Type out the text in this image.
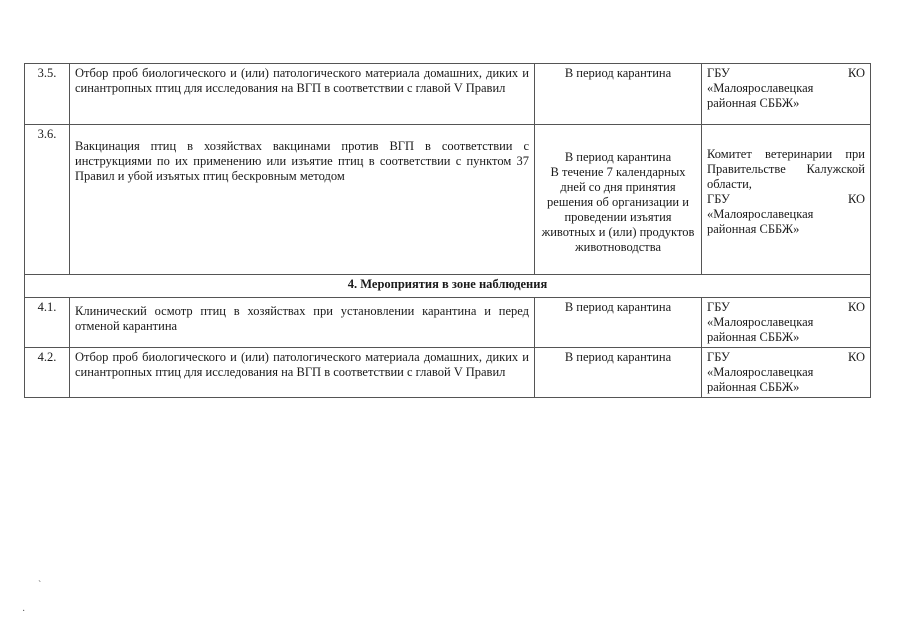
3.5.	Отбор проб биологического и (или) патологического материала домашних, диких и синантропных птиц для исследования на ВГП в соответствии с главой V Правил	В период карантина	ГБУ КО
«Малоярославецкая районная СББЖ»

3.6.	Вакцинация птиц в хозяйствах вакцинами против ВГП в соответствии с инструкциями по их применению или изъятие птиц в соответствии с пунктом 37 Правил и убой изъятых птиц бескровным методом	В период карантина
В течение 7 календарных дней со дня принятия решения об организации и проведении изъятия животных и (или) продуктов животноводства	Комитет ветеринарии при Правительстве Калужской области,
ГБУ КО
«Малоярославецкая районная СББЖ»

4. Мероприятия в зоне наблюдения			
4.1.	Клинический осмотр птиц в хозяйствах при установлении карантина и перед отменой карантина	В период карантина	ГБУ КО
«Малоярославецкая районная СББЖ»

4.2.	Отбор проб биологического и (или) патологического материала домашних, диких и синантропных птиц для исследования на ВГП в соответствии с главой V Правил	В период карантина	ГБУ КО
«Малоярославецкая районная СББЖ»
ˋ
·
